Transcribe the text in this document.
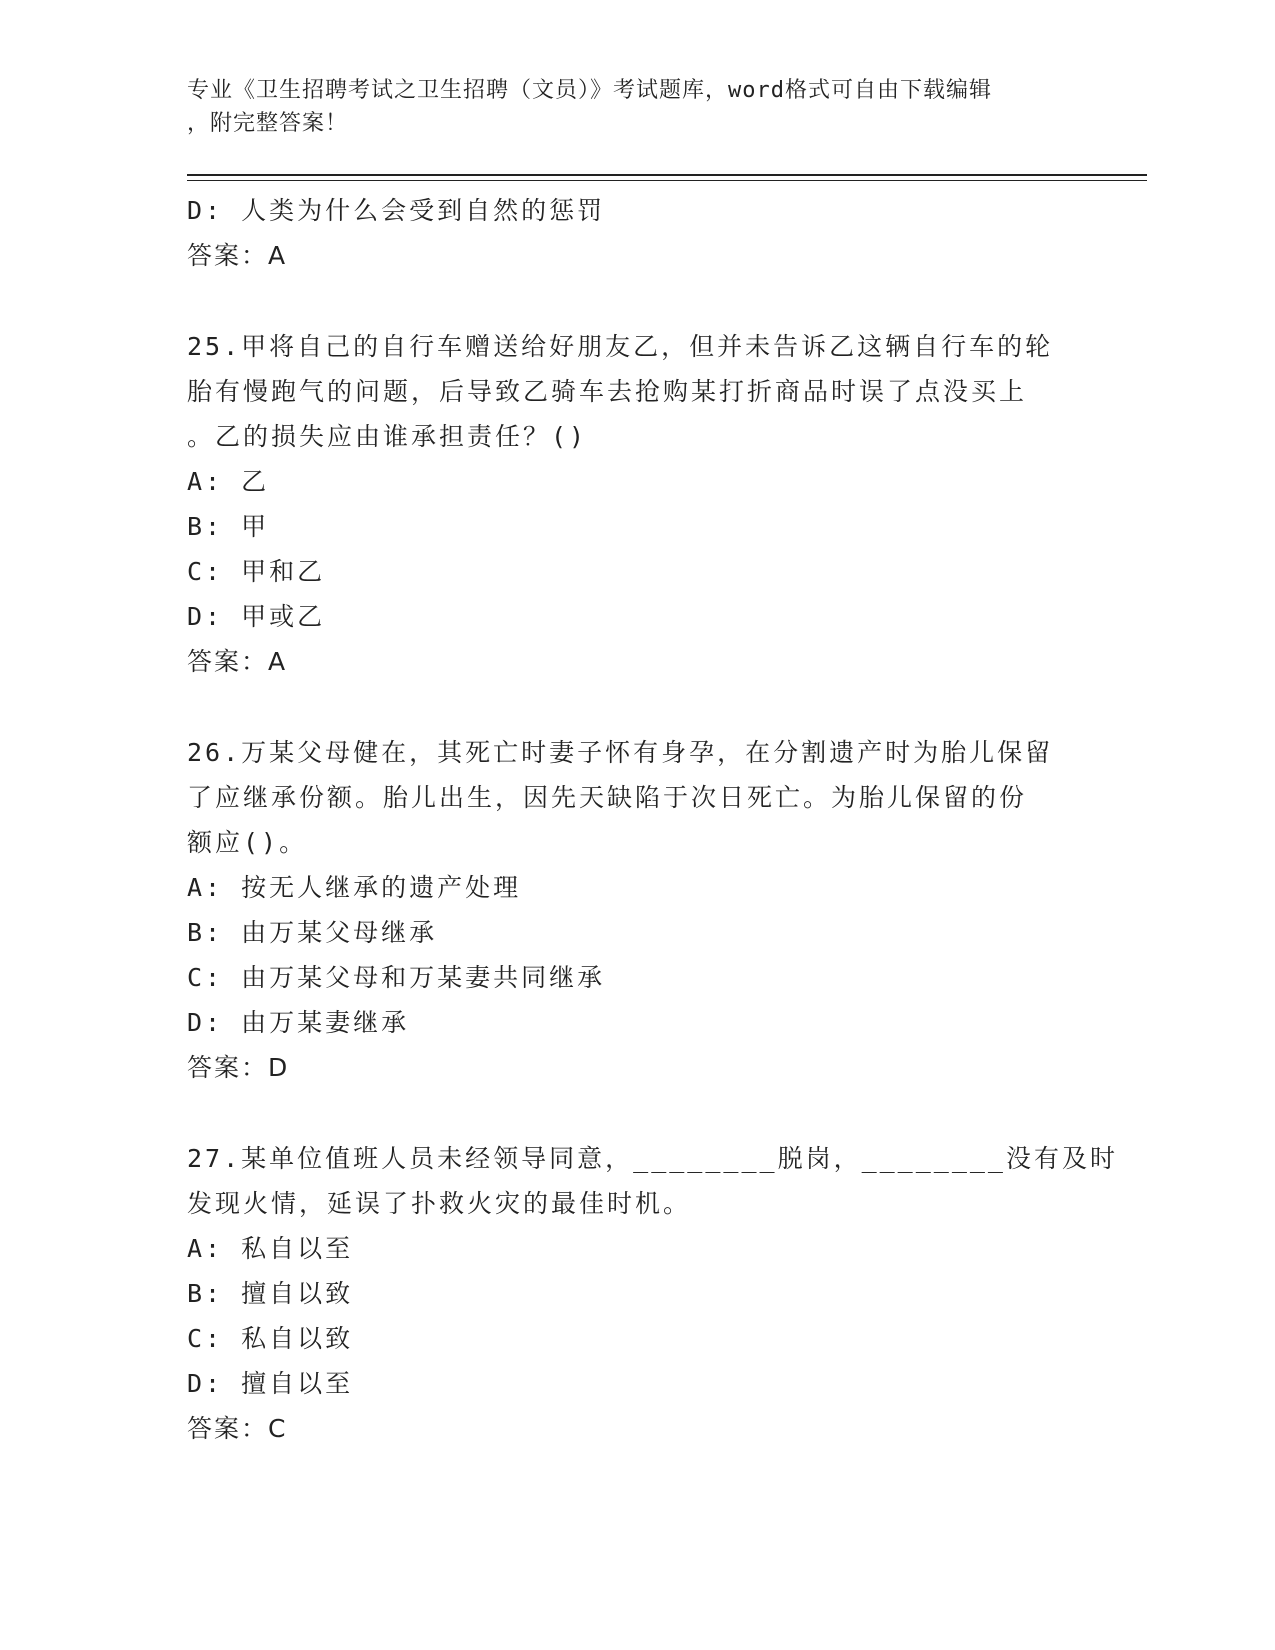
专业《卫生招聘考试之卫生招聘（文员）》考试题库，word格式可自由下载编辑

，附完整答案！

D: 人类为什么会受到自然的惩罚
答案：A
25.甲将自己的自行车赠送给好朋友乙，但并未告诉乙这辆自行车的轮
胎有慢跑气的问题，后导致乙骑车去抢购某打折商品时误了点没买上
。乙的损失应由谁承担责任？()
A: 乙
B: 甲
C: 甲和乙
D: 甲或乙
答案：A
26.万某父母健在，其死亡时妻子怀有身孕，在分割遗产时为胎儿保留
了应继承份额。胎儿出生，因先天缺陷于次日死亡。为胎儿保留的份
额应()。
A: 按无人继承的遗产处理
B: 由万某父母继承
C: 由万某父母和万某妻共同继承
D: 由万某妻继承
答案：D
27.某单位值班人员未经领导同意，________脱岗，________没有及时
发现火情，延误了扑救火灾的最佳时机。
A: 私自以至
B: 擅自以致
C: 私自以致
D: 擅自以至
答案：C
